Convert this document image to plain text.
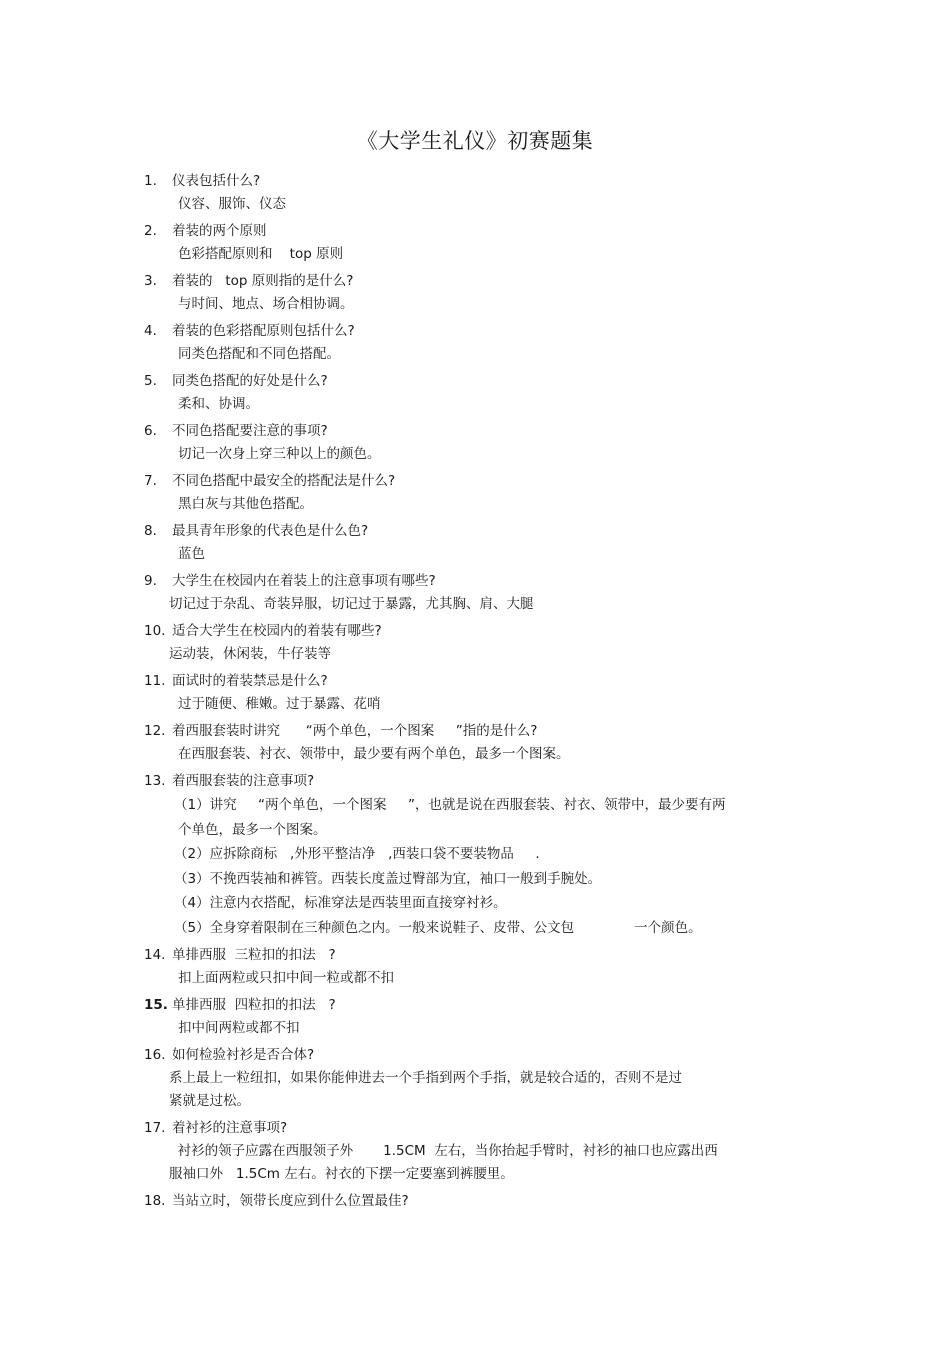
《大学生礼仪》初赛题集
1.	仪表包括什么?
仪容、服饰、仪态
2.	着装的两个原则
色彩搭配原则和    top 原则
3.	着装的   top 原则指的是什么?
与时间、地点、场合相协调。
4.	着装的色彩搭配原则包括什么?
同类色搭配和不同色搭配。
5.	同类色搭配的好处是什么?
柔和、协调。
6.	不同色搭配要注意的事项?
切记一次身上穿三种以上的颜色。
7.	不同色搭配中最安全的搭配法是什么?
黑白灰与其他色搭配。
8.	最具青年形象的代表色是什么色?
蓝色
9.	大学生在校园内在着装上的注意事项有哪些?
切记过于杂乱、奇装异服，切记过于暴露，尤其胸、肩、大腿
10. 适合大学生在校园内的着装有哪些?
运动装，休闲装，牛仔装等
11. 面试时的着装禁忌是什么?
过于随便、稚嫩。过于暴露、花哨
12. 着西服套装时讲究      “两个单色，一个图案     ”指的是什么?
在西服套装、衬衣、领带中，最少要有两个单色，最多一个图案。
13. 着西服套装的注意事项?
（1）讲究     “两个单色，一个图案     ”，也就是说在西服套装、衬衣、领带中，最少要有两
个单色，最多一个图案。
（2）应拆除商标   ,外形平整洁净   ,西装口袋不要装物品     .
（3）不挽西装袖和裤管。西装长度盖过臀部为宜，袖口一般到手腕处。
（4）注意内衣搭配，标准穿法是西装里面直接穿衬衫。
（5）全身穿着限制在三种颜色之内。一般来说鞋子、皮带、公文包              一个颜色。
14. 单排西服  三粒扣的扣法   ?
扣上面两粒或只扣中间一粒或都不扣
15. 单排西服  四粒扣的扣法   ?
扣中间两粒或都不扣
16. 如何检验衬衫是否合体?
系上最上一粒纽扣，如果你能伸进去一个手指到两个手指，就是较合适的，否则不是过
紧就是过松。
17. 着衬衫的注意事项?
衬衫的领子应露在西服领子外       1.5CM  左右，当你抬起手臂时，衬衫的袖口也应露出西
服袖口外   1.5Cm 左右。衬衣的下摆一定要塞到裤腰里。
18. 当站立时，领带长度应到什么位置最佳?
